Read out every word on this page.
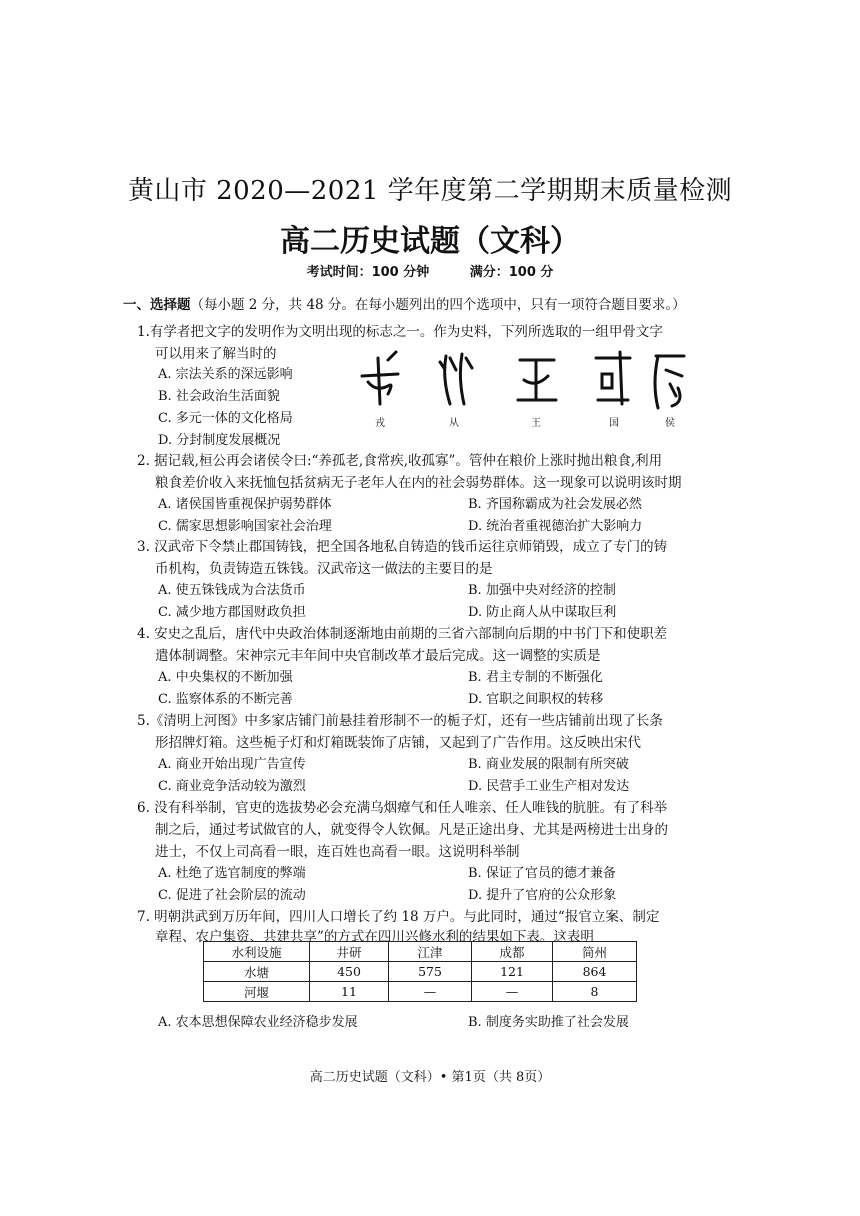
黄山市 2020—2021 学年度第二学期期末质量检测
高二历史试题（文科）
考试时间：100 分钟	满分：100 分
一、选择题（每小题 2 分，共 48 分。在每小题列出的四个选项中，只有一项符合题目要求。）
1.有学者把文字的发明作为文明出现的标志之一。作为史料，下列所选取的一组甲骨文字
可以用来了解当时的
A. 宗法关系的深远影响
B. 社会政治生活面貌
C. 多元一体的文化格局
D. 分封制度发展概况
戎	从	王	国	侯
2. 据记载,桓公再会诸侯令曰:“养孤老,食常疾,收孤寡”。管仲在粮价上涨时抛出粮食,利用
粮食差价收入来抚恤包括贫病无子老年人在内的社会弱势群体。这一现象可以说明该时期
A. 诸侯国皆重视保护弱势群体	B. 齐国称霸成为社会发展必然
C. 儒家思想影响国家社会治理	D. 统治者重视德治扩大影响力
3. 汉武帝下令禁止郡国铸钱，把全国各地私自铸造的钱币运往京师销毁，成立了专门的铸
币机构，负责铸造五铢钱。汉武帝这一做法的主要目的是
A. 使五铢钱成为合法货币	B. 加强中央对经济的控制
C. 减少地方郡国财政负担	D. 防止商人从中谋取巨利
4. 安史之乱后，唐代中央政治体制逐渐地由前期的三省六部制向后期的中书门下和使职差
遣体制调整。宋神宗元丰年间中央官制改革才最后完成。这一调整的实质是
A. 中央集权的不断加强	B. 君主专制的不断强化
C. 监察体系的不断完善	D. 官职之间职权的转移
5.《清明上河图》中多家店铺门前悬挂着形制不一的栀子灯，还有一些店铺前出现了长条
形招牌灯箱。这些栀子灯和灯箱既装饰了店铺，又起到了广告作用。这反映出宋代
A. 商业开始出现广告宣传	B. 商业发展的限制有所突破
C. 商业竞争活动较为激烈	D. 民营手工业生产相对发达
6. 没有科举制，官吏的选拔势必会充满乌烟瘴气和任人唯亲、任人唯钱的肮脏。有了科举
制之后，通过考试做官的人，就变得令人钦佩。凡是正途出身、尤其是两榜进士出身的
进士，不仅上司高看一眼，连百姓也高看一眼。这说明科举制
A. 杜绝了选官制度的弊端	B. 保证了官员的德才兼备
C. 促进了社会阶层的流动	D. 提升了官府的公众形象
7. 明朝洪武到万历年间，四川人口增长了约 18 万户。与此同时，通过“报官立案、制定
章程、农户集资、共建共享”的方式在四川兴修水利的结果如下表。这表明
水利设施	井研	江津	成都	简州
水塘	450	575	121	864
河堰	11	—	—	8
A. 农本思想保障农业经济稳步发展	B. 制度务实助推了社会发展
高二历史试题（文科）• 第1页（共 8页）
